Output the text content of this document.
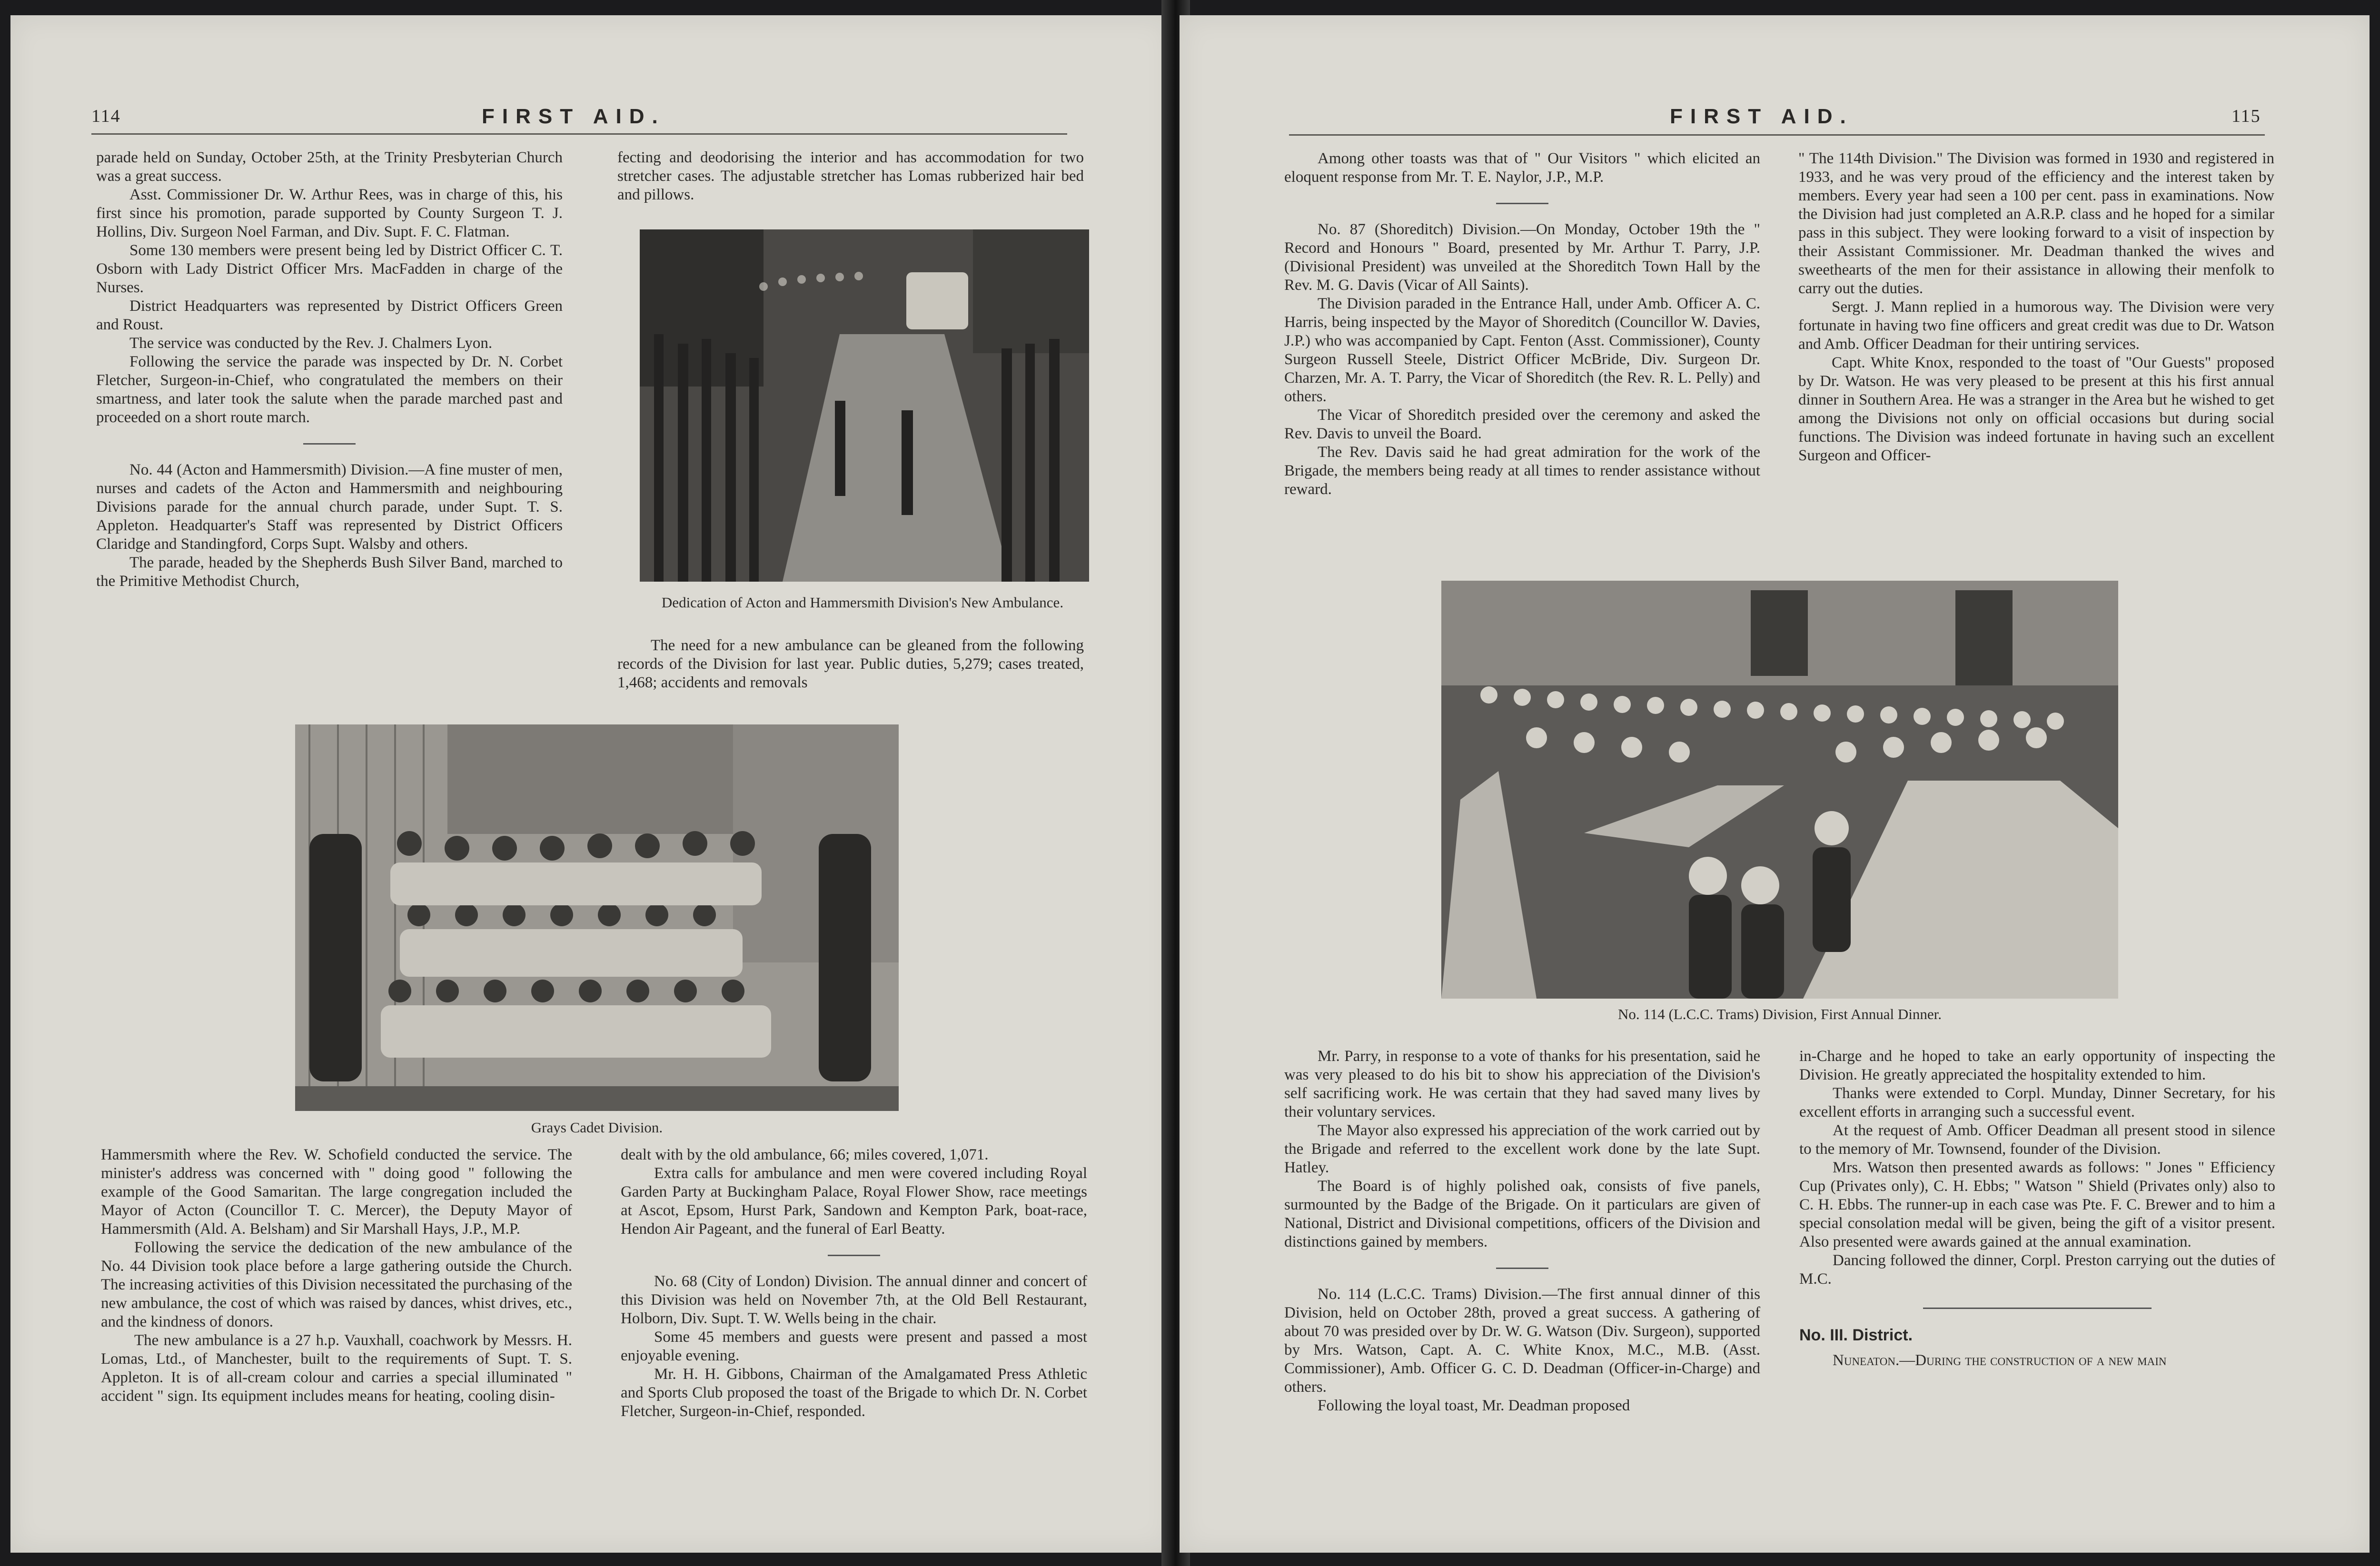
114	FIRST AID.

parade held on Sunday, October 25th, at the Trinity Presbyterian Church was a great success.

Asst. Commissioner Dr. W. Arthur Rees, was in charge of this, his first since his promotion, parade supported by County Surgeon T. J. Hollins, Div. Surgeon Noel Farman, and Div. Supt. F. C. Flatman.

Some 130 members were present being led by District Officer C. T. Osborn with Lady District Officer Mrs. MacFadden in charge of the Nurses.

District Headquarters was represented by District Officers Green and Roust.

The service was conducted by the Rev. J. Chalmers Lyon.

Following the service the parade was inspected by Dr. N. Corbet Fletcher, Surgeon-in-Chief, who congratulated the members on their smartness, and later took the salute when the parade marched past and proceeded on a short route march.

No. 44 (Acton and Hammersmith) Division.—A fine muster of men, nurses and cadets of the Acton and Hammersmith and neighbouring Divisions parade for the annual church parade, under Supt. T. S. Appleton. Headquarter's Staff was represented by District Officers Claridge and Standingford, Corps Supt. Walsby and others.

The parade, headed by the Shepherds Bush Silver Band, marched to the Primitive Methodist Church,

fecting and deodorising the interior and has accommodation for two stretcher cases. The adjustable stretcher has Lomas rubberized hair bed and pillows.

Dedication of Acton and Hammersmith Division's New Ambulance.

The need for a new ambulance can be gleaned from the following records of the Division for last year. Public duties, 5,279; cases treated, 1,468; accidents and removals

Grays Cadet Division.

Hammersmith where the Rev. W. Schofield conducted the service. The minister's address was concerned with " doing good " following the example of the Good Samaritan. The large congregation included the Mayor of Acton (Councillor T. C. Mercer), the Deputy Mayor of Hammersmith (Ald. A. Belsham) and Sir Marshall Hays, J.P., M.P.

Following the service the dedication of the new ambulance of the No. 44 Division took place before a large gathering outside the Church. The increasing activities of this Division necessitated the purchasing of the new ambulance, the cost of which was raised by dances, whist drives, etc., and the kindness of donors.

The new ambulance is a 27 h.p. Vauxhall, coachwork by Messrs. H. Lomas, Ltd., of Manchester, built to the requirements of Supt. T. S. Appleton. It is of all-cream colour and carries a special illuminated " accident " sign. Its equipment includes means for heating, cooling disin-

dealt with by the old ambulance, 66; miles covered, 1,071.

Extra calls for ambulance and men were covered including Royal Garden Party at Buckingham Palace, Royal Flower Show, race meetings at Ascot, Epsom, Hurst Park, Sandown and Kempton Park, boat-race, Hendon Air Pageant, and the funeral of Earl Beatty.

No. 68 (City of London) Division. The annual dinner and concert of this Division was held on November 7th, at the Old Bell Restaurant, Holborn, Div. Supt. T. W. Wells being in the chair.

Some 45 members and guests were present and passed a most enjoyable evening.

Mr. H. H. Gibbons, Chairman of the Amalgamated Press Athletic and Sports Club proposed the toast of the Brigade to which Dr. N. Corbet Fletcher, Surgeon-in-Chief, responded.

FIRST AID.	115

Among other toasts was that of " Our Visitors " which elicited an eloquent response from Mr. T. E. Naylor, J.P., M.P.

No. 87 (Shoreditch) Division.—On Monday, October 19th the " Record and Honours " Board, presented by Mr. Arthur T. Parry, J.P. (Divisional President) was unveiled at the Shoreditch Town Hall by the Rev. M. G. Davis (Vicar of All Saints).

The Division paraded in the Entrance Hall, under Amb. Officer A. C. Harris, being inspected by the Mayor of Shoreditch (Councillor W. Davies, J.P.) who was accompanied by Capt. Fenton (Asst. Commissioner), County Surgeon Russell Steele, District Officer McBride, Div. Surgeon Dr. Charzen, Mr. A. T. Parry, the Vicar of Shoreditch (the Rev. R. L. Pelly) and others.

The Vicar of Shoreditch presided over the ceremony and asked the Rev. Davis to unveil the Board.

The Rev. Davis said he had great admiration for the work of the Brigade, the members being ready at all times to render assistance without reward.

" The 114th Division." The Division was formed in 1930 and registered in 1933, and he was very proud of the efficiency and the interest taken by members. Every year had seen a 100 per cent. pass in examinations. Now the Division had just completed an A.R.P. class and he hoped for a similar pass in this subject. They were looking forward to a visit of inspection by their Assistant Commissioner. Mr. Deadman thanked the wives and sweethearts of the men for their assistance in allowing their menfolk to carry out the duties.

Sergt. J. Mann replied in a humorous way. The Division were very fortunate in having two fine officers and great credit was due to Dr. Watson and Amb. Officer Deadman for their untiring services.

Capt. White Knox, responded to the toast of "Our Guests" proposed by Dr. Watson. He was very pleased to be present at this his first annual dinner in Southern Area. He was a stranger in the Area but he wished to get among the Divisions not only on official occasions but during social functions. The Division was indeed fortunate in having such an excellent Surgeon and Officer-

No. 114 (L.C.C. Trams) Division, First Annual Dinner.

Mr. Parry, in response to a vote of thanks for his presentation, said he was very pleased to do his bit to show his appreciation of the Division's self sacrificing work. He was certain that they had saved many lives by their voluntary services.

The Mayor also expressed his appreciation of the work carried out by the Brigade and referred to the excellent work done by the late Supt. Hatley.

The Board is of highly polished oak, consists of five panels, surmounted by the Badge of the Brigade. On it particulars are given of National, District and Divisional competitions, officers of the Division and distinctions gained by members.

No. 114 (L.C.C. Trams) Division.—The first annual dinner of this Division, held on October 28th, proved a great success. A gathering of about 70 was presided over by Dr. W. G. Watson (Div. Surgeon), supported by Mrs. Watson, Capt. A. C. White Knox, M.C., M.B. (Asst. Commissioner), Amb. Officer G. C. D. Deadman (Officer-in-Charge) and others.

Following the loyal toast, Mr. Deadman proposed

in-Charge and he hoped to take an early opportunity of inspecting the Division. He greatly appreciated the hospitality extended to him.

Thanks were extended to Corpl. Munday, Dinner Secretary, for his excellent efforts in arranging such a successful event.

At the request of Amb. Officer Deadman all present stood in silence to the memory of Mr. Townsend, founder of the Division.

Mrs. Watson then presented awards as follows: " Jones " Efficiency Cup (Privates only), C. H. Ebbs; " Watson " Shield (Privates only) also to C. H. Ebbs. The runner-up in each case was Pte. F. C. Brewer and to him a special consolation medal will be given, being the gift of a visitor present. Also presented were awards gained at the annual examination.

Dancing followed the dinner, Corpl. Preston carrying out the duties of M.C.

No. III. District.

Nuneaton.—During the construction of a new main
